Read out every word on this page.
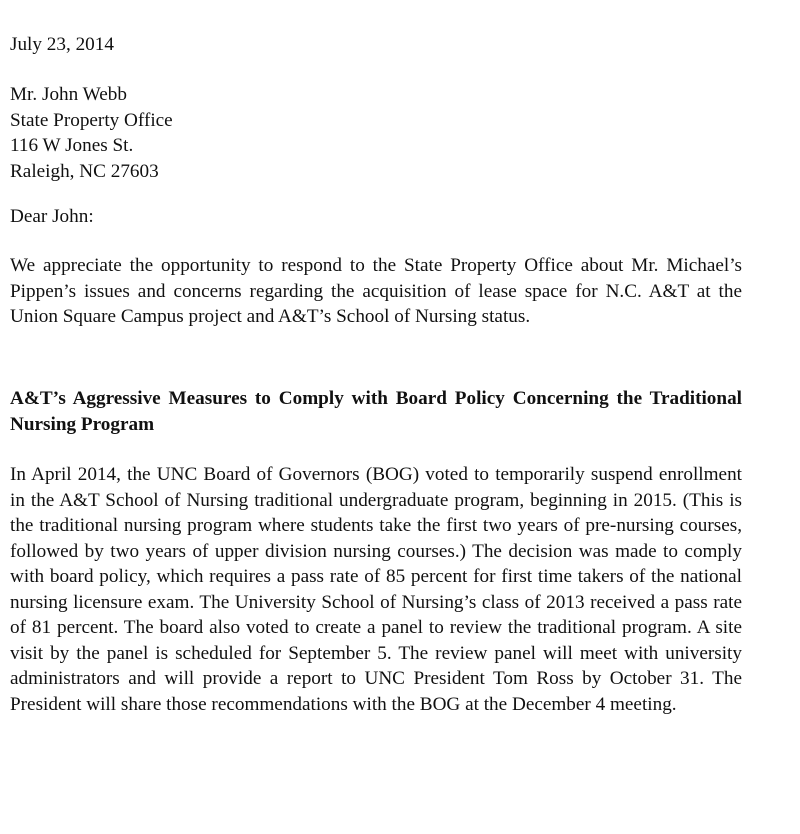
July 23, 2014

Mr. John Webb
State Property Office
116 W Jones St.
Raleigh, NC 27603

Dear John:

We appreciate the opportunity to respond to the State Property Office about Mr. Michael’s Pippen’s issues and concerns regarding the acquisition of lease space for N.C. A&T at the Union Square Campus project and A&T’s School of Nursing status.

A&T’s Aggressive Measures to Comply with Board Policy Concerning the Traditional Nursing Program

In April 2014, the UNC Board of Governors (BOG) voted to temporarily suspend enrollment in the A&T School of Nursing traditional undergraduate program, beginning in 2015. (This is the traditional nursing program where students take the first two years of pre-nursing courses, followed by two years of upper division nursing courses.) The decision was made to comply with board policy, which requires a pass rate of 85 percent for first time takers of the national nursing licensure exam. The University School of Nursing’s class of 2013 received a pass rate of 81 percent. The board also voted to create a panel to review the traditional program. A site visit by the panel is scheduled for September 5. The review panel will meet with university administrators and will provide a report to UNC President Tom Ross by October 31. The President will share those recommendations with the BOG at the December 4 meeting.
